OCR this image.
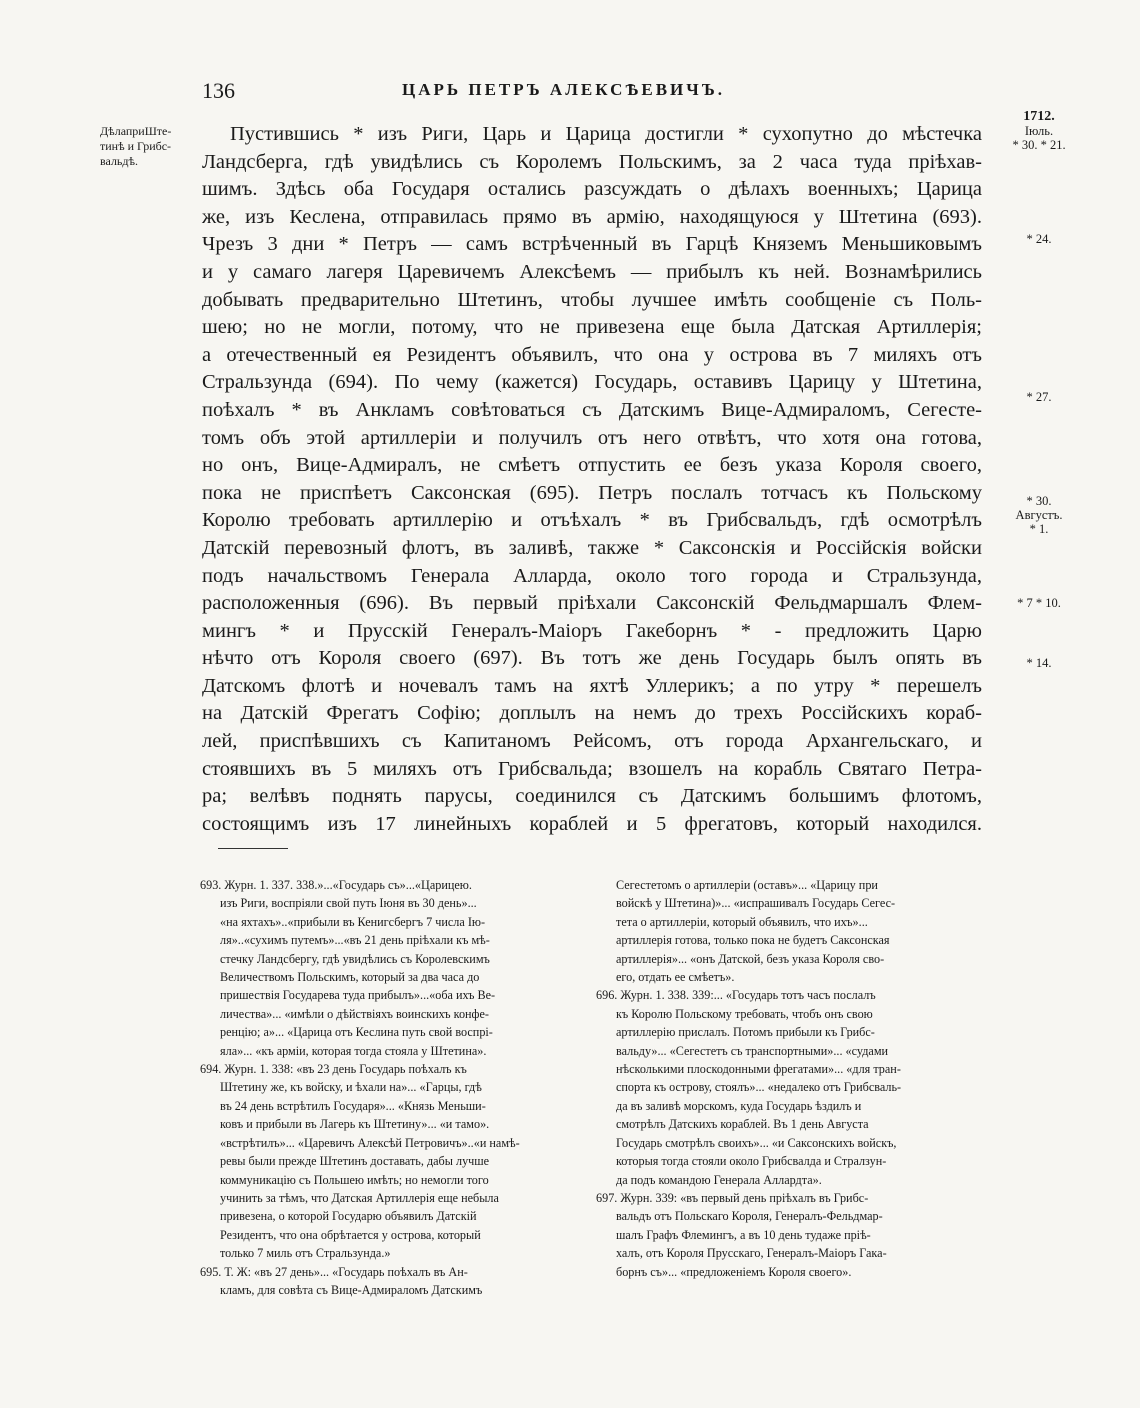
136	ЦАРЬ ПЕТРЪ АЛЕКСѢЕВИЧЪ.
ДѣлаприШте-
тинѣ и Грибс-
вальдѣ.
1712.
Іюль.
* 30. * 21.
* 24.
* 27.
* 30.
Августъ.
* 1.
* 7 * 10.
* 14.
Пустившись * изъ Риги, Царь и Царица достигли * сухопутно до мѣстечка
Ландсберга, гдѣ увидѣлись съ Королемъ Польскимъ, за 2 часа туда пріѣхав-
шимъ. Здѣсь оба Государя остались разсуждать о дѣлахъ военныхъ; Царица
же, изъ Кеслена, отправилась прямо въ армію, находящуюся у Штетина (693).
Чрезъ 3 дни * Петръ — самъ встрѣченный въ Гарцѣ Княземъ Меньшиковымъ
и у самаго лагеря Царевичемъ Алексѣемъ — прибылъ къ ней. Вознамѣрились
добывать предварительно Штетинъ, чтобы лучшее имѣть сообщеніе съ Поль-
шею; но не могли, потому, что не привезена еще была Датская Артиллерія;
а отечественный ея Резидентъ объявилъ, что она у острова въ 7 миляхъ отъ
Стральзунда (694). По чему (кажется) Государь, оставивъ Царицу у Штетина,
поѣхалъ * въ Анкламъ совѣтоваться съ Датскимъ Вице-Адмираломъ, Сегесте-
томъ объ этой артиллеріи и получилъ отъ него отвѣтъ, что хотя она готова,
но онъ, Вице-Адмиралъ, не смѣетъ отпустить ее безъ указа Короля своего,
пока не приспѣетъ Саксонская (695). Петръ послалъ тотчасъ къ Польскому
Королю требовать артиллерію и отъѣхалъ * въ Грибсвальдъ, гдѣ осмотрѣлъ
Датскій перевозный флотъ, въ заливѣ, также * Саксонскія и Россійскія войски
подъ начальствомъ Генерала Алларда, около того города и Стральзунда,
расположенныя (696). Въ первый пріѣхали Саксонскій Фельдмаршалъ Флем-
мингъ * и Прусскій Генералъ-Маіоръ Гакеборнъ * - предложить Царю
нѣчто отъ Короля своего (697). Въ тотъ же день Государь былъ опять въ
Датскомъ флотѣ и ночевалъ тамъ на яхтѣ Уллерикъ; а по утру * перешелъ
на Датскій Фрегатъ Софію; доплылъ на немъ до трехъ Россійскихъ кораб-
лей, приспѣвшихъ съ Капитаномъ Рейсомъ, отъ города Архангельскаго, и
стоявшихъ въ 5 миляхъ отъ Грибсвальда; взошелъ на корабль Святаго Петра-
ра; велѣвъ поднять парусы, соединился съ Датскимъ большимъ флотомъ,
состоящимъ изъ 17 линейныхъ кораблей и 5 фрегатовъ, который находился.
693. Журн. 1. 337. 338.»...«Государь съ»...«Царицею.
изъ Риги, воспріяли свой путь Іюня въ 30 день»...
«на яхтахъ»..«прибыли въ Кенигсбергъ 7 числа Ію-
ля»..«сухимъ путемъ»...«въ 21 день пріѣхали къ мѣ-
стечку Ландсбергу, гдѣ увидѣлись съ Королевскимъ
Величествомъ Польскимъ, который за два часа до
пришествія Государева туда прибылъ»...«оба ихъ Ве-
личества»... «имѣли о дѣйствіяхъ воинскихъ конфе-
ренцію; а»... «Царица отъ Кеслина путь свой воспрі-
яла»... «къ арміи, которая тогда стояла у Штетина».
694. Журн. 1. 338: «въ 23 день Государь поѣхалъ къ
Штетину же, къ войску, и ѣхали на»... «Гарцы, гдѣ
въ 24 день встрѣтилъ Государя»... «Князь Меньши-
ковъ и прибыли въ Лагерь къ Штетину»... «и тамо».
«встрѣтилъ»... «Царевичъ Алексѣй Петровичъ»..«и намѣ-
ревы были прежде Штетинъ доставать, дабы лучше
коммуникацію съ Польшею имѣть; но немогли того
учинить за тѣмъ, что Датская Артиллерія еще небыла
привезена, о которой Государю объявилъ Датскій
Резидентъ, что она обрѣтается у острова, который
только 7 миль отъ Стральзунда.»
695. Т. Ж: «въ 27 день»... «Государь поѣхалъ въ Ан-
кламъ, для совѣта съ Вице-Адмираломъ Датскимъ
Сегестетомъ о артиллеріи (оставъ»... «Царицу при
войскѣ у Штетина)»... «испрашивалъ Государь Сегес-
тета о артиллеріи, который объявилъ, что ихъ»...
артиллерія готова, только пока не будетъ Саксонская
артиллерія»... «онъ Датской, безъ указа Короля сво-
его, отдать ее смѣетъ».
696. Журн. 1. 338. 339:... «Государь тотъ часъ послалъ
къ Королю Польскому требовать, чтобъ онъ свою
артиллерію прислалъ. Потомъ прибыли къ Грибс-
вальду»... «Сегестетъ съ транспортными»... «судами
нѣсколькими плоскодонными фрегатами»... «для тран-
спорта къ острову, стоялъ»... «недалеко отъ Грибсваль-
да въ заливѣ морскомъ, куда Государь ѣздилъ и
смотрѣлъ Датскихъ кораблей. Въ 1 день Августа
Государь смотрѣлъ своихъ»... «и Саксонскихъ войскъ,
которыя тогда стояли около Грибсвалда и Стралзун-
да подъ командою Генерала Аллардта».
697. Журн. 339: «въ первый день пріѣхалъ въ Грибс-
вальдъ отъ Польскаго Короля, Генералъ-Фельдмар-
шалъ Графъ Флемингъ, а въ 10 день тудаже пріѣ-
халъ, отъ Короля Прусскаго, Генералъ-Маіоръ Гака-
борнъ съ»... «предложеніемъ Короля своего».
